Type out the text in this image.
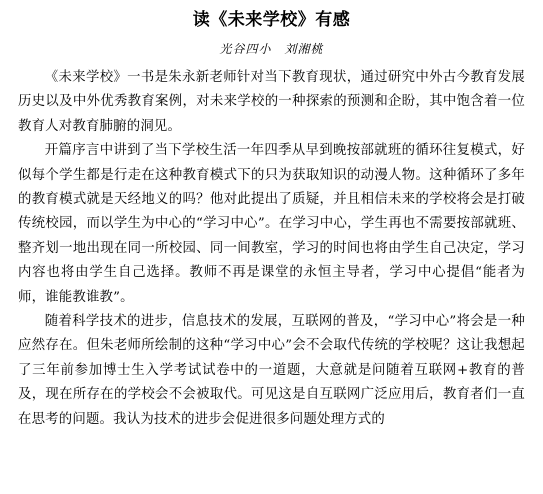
读《未来学校》有感
光谷四小　刘湘桃

《未来学校》一书是朱永新老师针对当下教育现状，通过研究中外古今教育发展历史以及中外优秀教育案例，对未来学校的一种探索的预测和企盼，其中饱含着一位教育人对教育肺腑的洞见。

开篇序言中讲到了当下学校生活一年四季从早到晚按部就班的循环往复模式，好似每个学生都是行走在这种教育模式下的只为获取知识的动漫人物。这种循环了多年的教育模式就是天经地义的吗？他对此提出了质疑，并且相信未来的学校将会是打破传统校园，而以学生为中心的“学习中心”。在学习中心，学生再也不需要按部就班、整齐划一地出现在同一所校园、同一间教室，学习的时间也将由学生自己决定，学习内容也将由学生自己选择。教师不再是课堂的永恒主导者，学习中心提倡“能者为师，谁能教谁教”。

随着科学技术的进步，信息技术的发展，互联网的普及，“学习中心”将会是一种应然存在。但朱老师所绘制的这种“学习中心”会不会取代传统的学校呢？这让我想起了三年前参加博士生入学考试试卷中的一道题，大意就是问随着互联网+教育的普及，现在所存在的学校会不会被取代。可见这是自互联网广泛应用后，教育者们一直在思考的问题。我认为技术的进步会促进很多问题处理方式的
